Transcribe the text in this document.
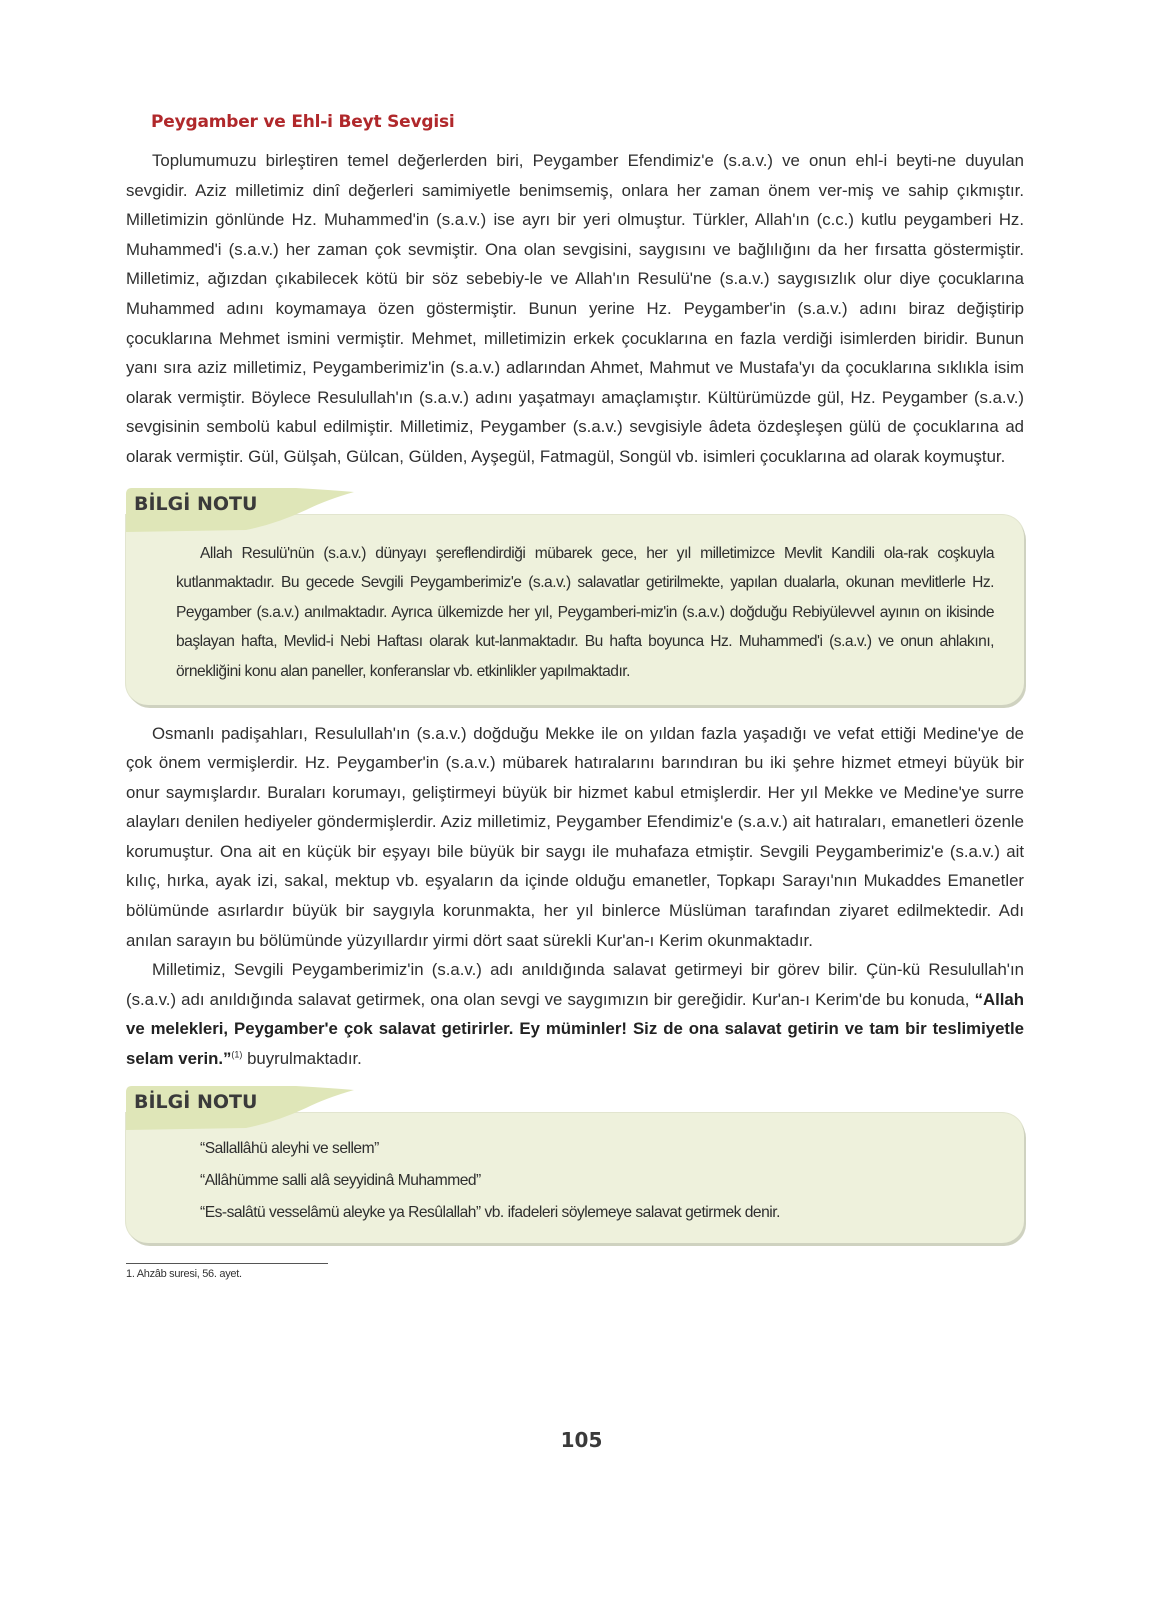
Peygamber ve Ehl-i Beyt Sevgisi

Toplumumuzu birleştiren temel değerlerden biri, Peygamber Efendimiz'e (s.a.v.) ve onun ehl-i beyti-ne duyulan sevgidir. Aziz milletimiz dinî değerleri samimiyetle benimsemiş, onlara her zaman önem ver-miş ve sahip çıkmıştır. Milletimizin gönlünde Hz. Muhammed'in (s.a.v.) ise ayrı bir yeri olmuştur. Türkler, Allah'ın (c.c.) kutlu peygamberi Hz. Muhammed'i (s.a.v.) her zaman çok sevmiştir. Ona olan sevgisini, saygısını ve bağlılığını da her fırsatta göstermiştir. Milletimiz, ağızdan çıkabilecek kötü bir söz sebebiy-le ve Allah'ın Resulü'ne (s.a.v.) saygısızlık olur diye çocuklarına Muhammed adını koymamaya özen göstermiştir. Bunun yerine Hz. Peygamber'in (s.a.v.) adını biraz değiştirip çocuklarına Mehmet ismini vermiştir. Mehmet, milletimizin erkek çocuklarına en fazla verdiği isimlerden biridir. Bunun yanı sıra aziz milletimiz, Peygamberimiz'in (s.a.v.) adlarından Ahmet, Mahmut ve Mustafa'yı da çocuklarına sıklıkla isim olarak vermiştir. Böylece Resulullah'ın (s.a.v.) adını yaşatmayı amaçlamıştır. Kültürümüzde gül, Hz. Peygamber (s.a.v.) sevgisinin sembolü kabul edilmiştir. Milletimiz, Peygamber (s.a.v.) sevgisiyle âdeta özdeşleşen gülü de çocuklarına ad olarak vermiştir. Gül, Gülşah, Gülcan, Gülden, Ayşegül, Fatmagül, Songül vb. isimleri çocuklarına ad olarak koymuştur.

BİLGİ NOTU

Allah Resulü'nün (s.a.v.) dünyayı şereflendirdiği mübarek gece, her yıl milletimizce Mevlit Kandili ola-rak coşkuyla kutlanmaktadır. Bu gecede Sevgili Peygamberimiz'e (s.a.v.) salavatlar getirilmekte, yapılan dualarla, okunan mevlitlerle Hz. Peygamber (s.a.v.) anılmaktadır. Ayrıca ülkemizde her yıl, Peygamberi-miz'in (s.a.v.) doğduğu Rebiyülevvel ayının on ikisinde başlayan hafta, Mevlid-i Nebi Haftası olarak kut-lanmaktadır. Bu hafta boyunca Hz. Muhammed'i (s.a.v.) ve onun ahlakını, örnekliğini konu alan paneller, konferanslar vb. etkinlikler yapılmaktadır.

Osmanlı padişahları, Resulullah'ın (s.a.v.) doğduğu Mekke ile on yıldan fazla yaşadığı ve vefat ettiği Medine'ye de çok önem vermişlerdir. Hz. Peygamber'in (s.a.v.) mübarek hatıralarını barındıran bu iki şehre hizmet etmeyi büyük bir onur saymışlardır. Buraları korumayı, geliştirmeyi büyük bir hizmet kabul etmişlerdir. Her yıl Mekke ve Medine'ye surre alayları denilen hediyeler göndermişlerdir. Aziz milletimiz, Peygamber Efendimiz'e (s.a.v.) ait hatıraları, emanetleri özenle korumuştur. Ona ait en küçük bir eşyayı bile büyük bir saygı ile muhafaza etmiştir. Sevgili Peygamberimiz'e (s.a.v.) ait kılıç, hırka, ayak izi, sakal, mektup vb. eşyaların da içinde olduğu emanetler, Topkapı Sarayı'nın Mukaddes Emanetler bölümünde asırlardır büyük bir saygıyla korunmakta, her yıl binlerce Müslüman tarafından ziyaret edilmektedir. Adı anılan sarayın bu bölümünde yüzyıllardır yirmi dört saat sürekli Kur'an-ı Kerim okunmaktadır.

Milletimiz, Sevgili Peygamberimiz'in (s.a.v.) adı anıldığında salavat getirmeyi bir görev bilir. Çün-kü Resulullah'ın (s.a.v.) adı anıldığında salavat getirmek, ona olan sevgi ve saygımızın bir gereğidir. Kur'an-ı Kerim'de bu konuda, “Allah ve melekleri, Peygamber'e çok salavat getirirler. Ey müminler! Siz de ona salavat getirin ve tam bir teslimiyetle selam verin.”$^{(1)}$ buyrulmaktadır.

BİLGİ NOTU
“Sallallâhü aleyhi ve sellem”
“Allâhümme salli alâ seyyidinâ Muhammed”
“Es-salâtü vesselâmü aleyke ya Resûlallah” vb. ifadeleri söylemeye salavat getirmek denir.
1. Ahzâb suresi, 56. ayet.
105
